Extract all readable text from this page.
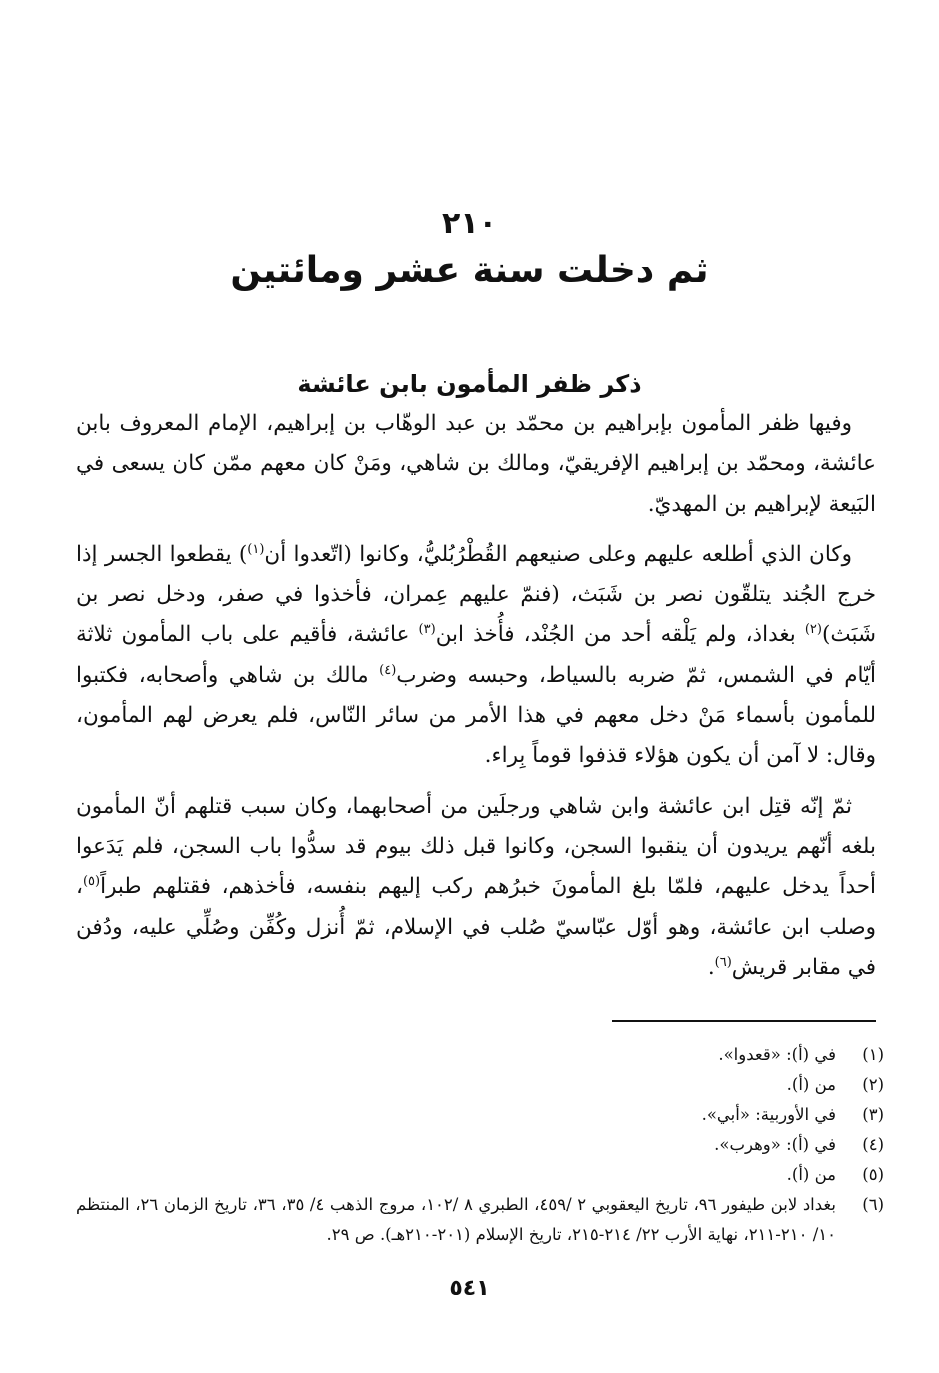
٢١٠
ثم دخلت سنة عشر ومائتين
ذكر ظفر المأمون بابن عائشة

وفيها ظفر المأمون بإبراهيم بن محمّد بن عبد الوهّاب بن إبراهيم، الإمام المعروف بابن عائشة، ومحمّد بن إبراهيم الإفريقيّ، ومالك بن شاهي، ومَنْ كان معهم ممّن كان يسعى في البَيعة لإبراهيم بن المهديّ.

وكان الذي أطلعه عليهم وعلى صنيعهم القُطْرُبُليُّ، وكانوا (اتّعدوا أن$^{(١)}$) يقطعوا الجسر إذا خرج الجُند يتلقّون نصر بن شَبَث، (فنمّ عليهم عِمران، فأخذوا في صفر، ودخل نصر بن شَبَث)$^{(٢)}$ بغداذ، ولم يَلْقه أحد من الجُنْد، فأُخذ ابن$^{(٣)}$ عائشة، فأقيم على باب المأمون ثلاثة أيّام في الشمس، ثمّ ضربه بالسياط، وحبسه وضرب$^{(٤)}$ مالك بن شاهي وأصحابه، فكتبوا للمأمون بأسماء مَنْ دخل معهم في هذا الأمر من سائر النّاس، فلم يعرض لهم المأمون، وقال: لا آمن أن يكون هؤلاء قذفوا قوماً بِراء.

ثمّ إنّه قتِل ابن عائشة وابن شاهي ورجلَين من أصحابهما، وكان سبب قتلهم أنّ المأمون بلغه أنّهم يريدون أن ينقبوا السجن، وكانوا قبل ذلك بيوم قد سدُّوا باب السجن، فلم يَدَعوا أحداً يدخل عليهم، فلمّا بلغ المأمونَ خبرُهم ركب إليهم بنفسه، فأخذهم، فقتلهم طبراً$^{(٥)}$، وصلب ابن عائشة، وهو أوّل عبّاسيّ صُلب في الإسلام، ثمّ أُنزل وكُفِّن وصُلِّي عليه، ودُفن في مقابر قريش$^{(٦)}$.

(١)
في (أ): «قعدوا».
(٢)
من (أ).
(٣)
في الأوربية: «أبي».
(٤)
في (أ): «وهرب».
(٥)
من (أ).
(٦)
بغداد لابن طيفور ٩٦، تاريخ اليعقوبي ٢ /٤٥٩، الطبري ٨ /١٠٢، مروج الذهب ٤/ ٣٥، ٣٦، تاريخ الزمان ٢٦، المنتظم ١٠/ ٢١٠-٢١١، نهاية الأرب ٢٢/ ٢١٤-٢١٥، تاريخ الإسلام (٢٠١-٢١٠هـ). ص ٢٩.
٥٤١
